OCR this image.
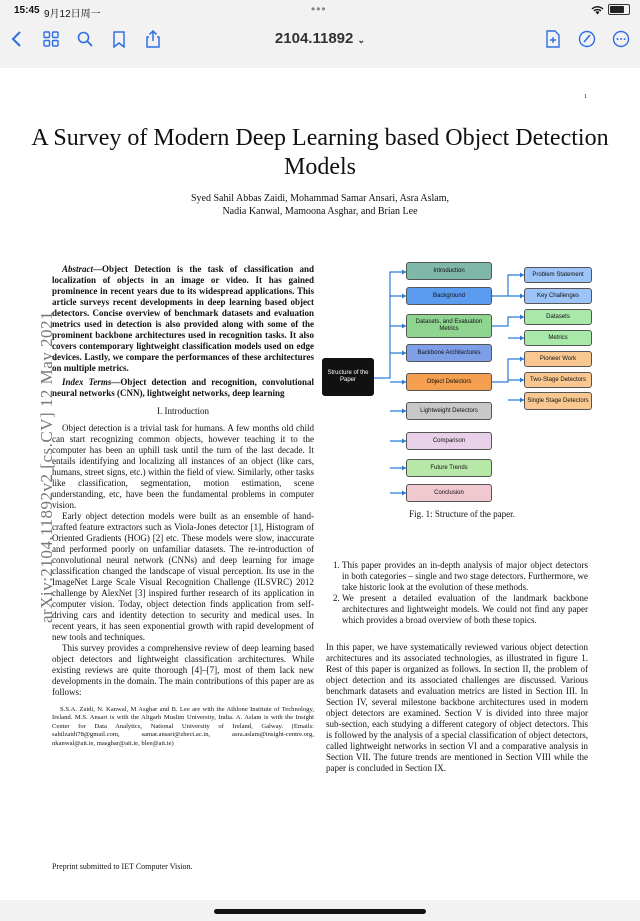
15:45 9月12日周一	•••
2104.11892 ⌄
1
A Survey of Modern Deep Learning based Object Detection Models
Syed Sahil Abbas Zaidi, Mohammad Samar Ansari, Asra Aslam,
Nadia Kanwal, Mamoona Asghar, and Brian Lee
arXiv:2104.11892v2 [cs.CV] 12 May 2021

Abstract—Object Detection is the task of classification and localization of objects in an image or video. It has gained prominence in recent years due to its widespread applications. This article surveys recent developments in deep learning based object detectors. Concise overview of benchmark datasets and evaluation metrics used in detection is also provided along with some of the prominent backbone architectures used in recognition tasks. It also covers contemporary lightweight classification models used on edge devices. Lastly, we compare the performances of these architectures on multiple metrics.

Index Terms—Object detection and recognition, convolutional neural networks (CNN), lightweight networks, deep learning

I. Introduction

Object detection is a trivial task for humans. A few months old child can start recognizing common objects, however teaching it to the computer has been an uphill task until the turn of the last decade. It entails identifying and localizing all instances of an object (like cars, humans, street signs, etc.) within the field of view. Similarly, other tasks like classification, segmentation, motion estimation, scene understanding, etc, have been the fundamental problems in computer vision.

Early object detection models were built as an ensemble of hand-crafted feature extractors such as Viola-Jones detector [1], Histogram of Oriented Gradients (HOG) [2] etc. These models were slow, inaccurate and performed poorly on unfamiliar datasets. The re-introduction of convolutional neural network (CNNs) and deep learning for image classification changed the landscape of visual perception. Its use in the ImageNet Large Scale Visual Recognition Challenge (ILSVRC) 2012 challenge by AlexNet [3] inspired further research of its application in computer vision. Today, object detection finds application from self-driving cars and identity detection to security and medical uses. In recent years, it has seen exponential growth with rapid development of new tools and techniques.

This survey provides a comprehensive review of deep learning based object detectors and lightweight classification architectures. While existing reviews are quite thorough [4]–[7], most of them lack new developments in the domain. The main contributions of this paper are as follows:

S.S.A. Zaidi, N. Kanwal, M Asghar and B. Lee are with the Athlone Institute of Technology, Ireland. M.S. Ansari is with the Aligarh Muslim University, India. A. Aslam is with the Insight Center for Data Analytics, National University of Ireland, Galway. (Emails: sahilzaidi78@gmail.com, samar.ansari@zhect.ac.in, asra.aslam@insight-centre.org, nkanwal@ait.ie, masghar@ait.ie, blee@ait.ie)

Preprint submitted to IET Computer Vision.
Structure of the Paper
Introduction
Background
Datasets, and Evaluation Metrics
Backbone Architectures
Object Detectors
Lightweight Detectors
Comparison
Future Trends
Conclusion
Problem Statement
Key Challenges
Datasets
Metrics
Pioneer Work
Two-Stage Detectors
Single Stage Detectors
Fig. 1: Structure of the paper.
1. This paper provides an in-depth analysis of major object detectors in both categories – single and two stage detectors. Furthermore, we take historic look at the evolution of these methods.
2. We present a detailed evaluation of the landmark backbone architectures and lightweight models. We could not find any paper which provides a broad overview of both these topics.

In this paper, we have systematically reviewed various object detection architectures and its associated technologies, as illustrated in figure 1. Rest of this paper is organized as follows. In section II, the problem of object detection and its associated challenges are discussed. Various benchmark datasets and evaluation metrics are listed in Section III. In Section IV, several milestone backbone architectures used in modern object detectors are examined. Section V is divided into three major sub-section, each studying a different category of object detectors. This is followed by the analysis of a special classification of object detectors, called lightweight networks in section VI and a comparative analysis in Section VII. The future trends are mentioned in Section VIII while the paper is concluded in Section IX.
